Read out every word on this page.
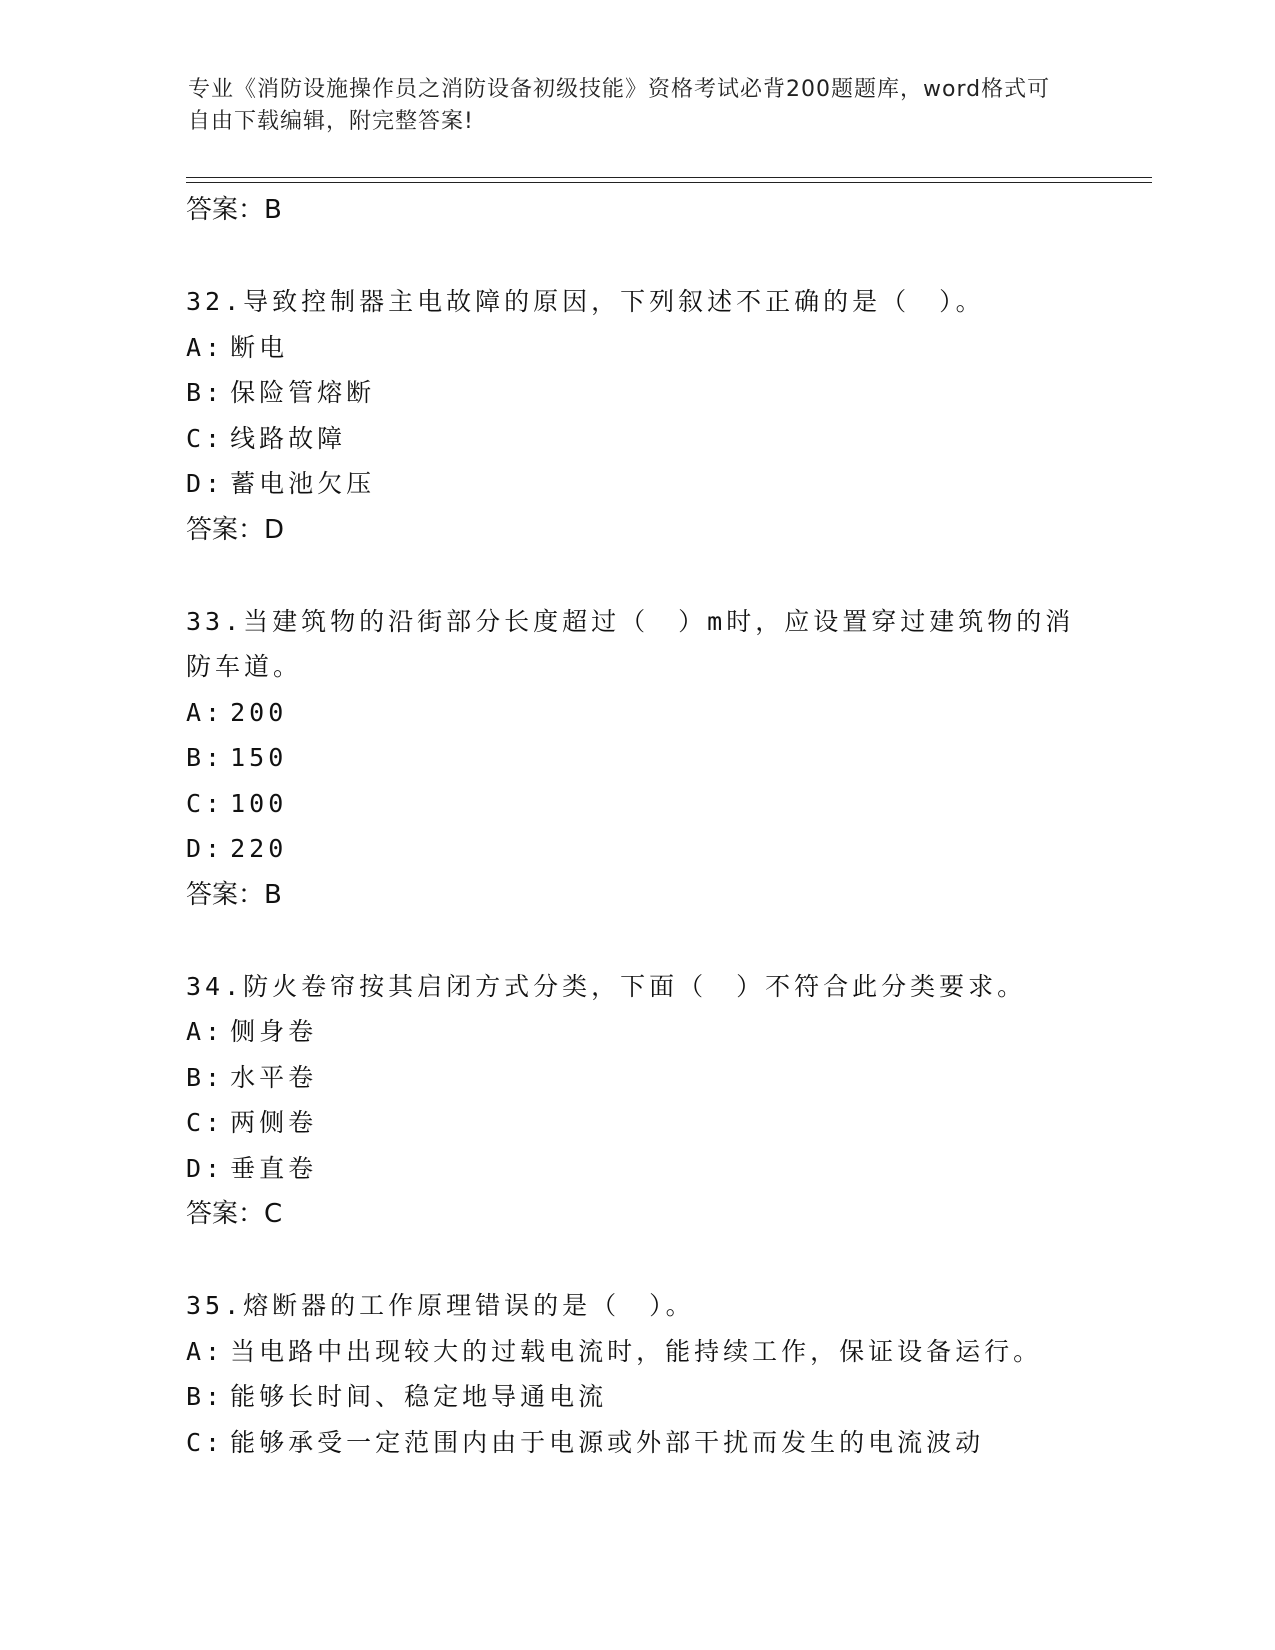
专业《消防设施操作员之消防设备初级技能》资格考试必背200题题库，word格式可自由下载编辑，附完整答案!
答案：B
32.导致控制器主电故障的原因，下列叙述不正确的是（　）。
A: 断电
B: 保险管熔断
C: 线路故障
D: 蓄电池欠压
答案：D
33.当建筑物的沿街部分长度超过（　）m时，应设置穿过建筑物的消防车道。
A: 200
B: 150
C: 100
D: 220
答案：B
34.防火卷帘按其启闭方式分类，下面（　）不符合此分类要求。
A: 侧身卷
B: 水平卷
C: 两侧卷
D: 垂直卷
答案：C
35.熔断器的工作原理错误的是（　）。
A: 当电路中出现较大的过载电流时，能持续工作，保证设备运行。
B: 能够长时间、稳定地导通电流
C: 能够承受一定范围内由于电源或外部干扰而发生的电流波动
